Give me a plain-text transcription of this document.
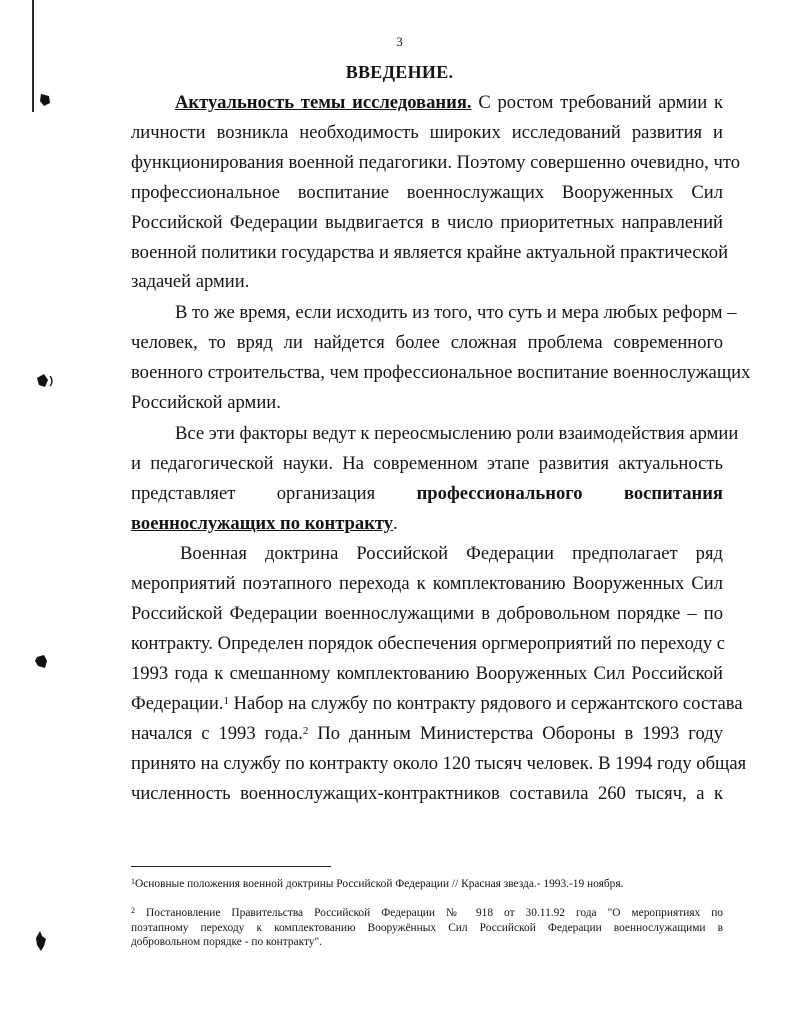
3
ВВЕДЕНИЕ.
Актуальность темы исследования. С ростом требований армии к
личности возникла необходимость широких исследований развития и
функционирования военной педагогики. Поэтому совершенно очевидно, что
профессиональное воспитание военнослужащих Вооруженных Сил
Российской Федерации выдвигается в число приоритетных направлений
военной политики государства и является крайне актуальной практической
задачей армии.
В то же время, если исходить из того, что суть и мера любых реформ –
человек, то вряд ли найдется более сложная проблема современного
военного строительства, чем профессиональное воспитание военнослужащих
Российской армии.
Все эти факторы ведут к переосмыслению роли взаимодействия армии
и педагогической науки. На современном этапе развития актуальность
представляет организация профессионального воспитания
военнослужащих по контракту.
Военная доктрина Российской Федерации предполагает ряд
мероприятий поэтапного перехода к комплектованию Вооруженных Сил
Российской Федерации военнослужащими в добровольном порядке – по
контракту. Определен порядок обеспечения оргмероприятий по переходу с
1993 года к смешанному комплектованию Вооруженных Сил Российской
Федерации.$^1$ Набор на службу по контракту рядового и сержантского состава
начался с 1993 года.$^2$ По данным Министерства Обороны в 1993 году
принято на службу по контракту около 120 тысяч человек. В 1994 году общая
численность военнослужащих-контрактников составила 260 тысяч, а к
$^1$Основные положения военной доктрины Российской Федерации // Красная звезда.- 1993.-19 ноября.
$^2$ Постановление Правительства Российской Федерации № 918 от 30.11.92 года "О мероприятиях по
поэтапному переходу к комплектованию Вооружённых Сил Российской Федерации военнослужащими в
добровольном порядке - по контракту".
